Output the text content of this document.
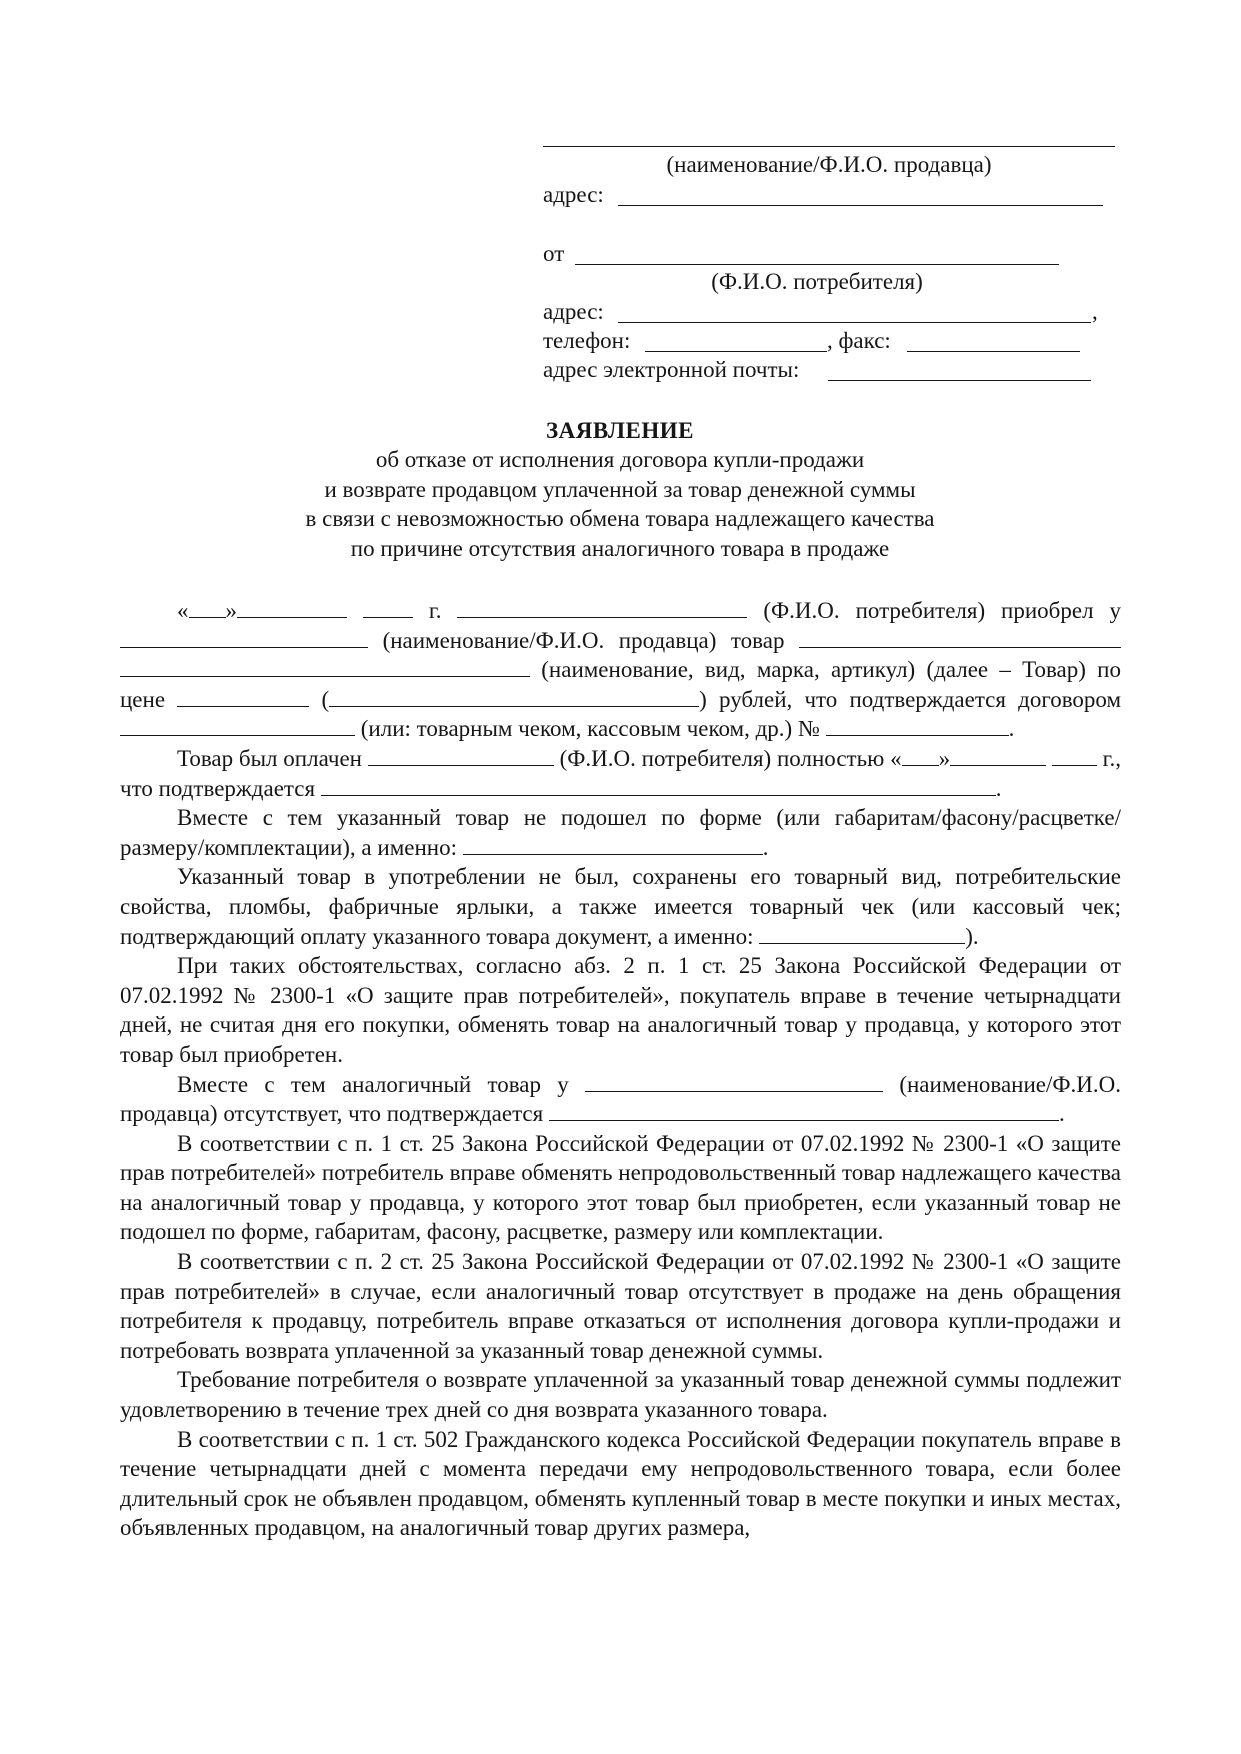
(наименование/Ф.И.О. продавца)
адрес:
от
(Ф.И.О. потребителя)
адрес:	,
телефон:	, факс:
адрес электронной почты:
ЗАЯВЛЕНИЕ
об отказе от исполнения договора купли-продажи
и возврате продавцом уплаченной за товар денежной суммы
в связи с невозможностью обмена товара надлежащего качества
по причине отсутствия аналогичного товара в продаже

« »	г.	(Ф.И.О. потребителя) приобрел у  (наименование/Ф.И.О. продавца) товар   (наименование, вид, марка, артикул) (далее – Товар) по цене	(	) рублей, что подтверждается договором  (или: товарным чеком, кассовым чеком, др.) №	.

Товар был оплачен	(Ф.И.О. потребителя) полностью « »	г., что подтверждается	.

Вместе с тем указанный товар не подошел по форме (или габаритам/фасону/расцветке/ размеру/комплектации), а именно:	.

Указанный товар в употреблении не был, сохранены его товарный вид, потребительские свойства, пломбы, фабричные ярлыки, а также имеется товарный чек (или кассовый чек; подтверждающий оплату указанного товара документ, а именно:	).

При таких обстоятельствах, согласно абз. 2 п. 1 ст. 25 Закона Российской Федерации от 07.02.1992 № 2300-1 «О защите прав потребителей», покупатель вправе в течение четырнадцати дней, не считая дня его покупки, обменять товар на аналогичный товар у продавца, у которого этот товар был приобретен.

Вместе с тем аналогичный товар у	(наименование/Ф.И.О. продавца) отсутствует, что подтверждается	.

В соответствии с п. 1 ст. 25 Закона Российской Федерации от 07.02.1992 № 2300-1 «О защите прав потребителей» потребитель вправе обменять непродовольственный товар надлежащего качества на аналогичный товар у продавца, у которого этот товар был приобретен, если указанный товар не подошел по форме, габаритам, фасону, расцветке, размеру или комплектации.

В соответствии с п. 2 ст. 25 Закона Российской Федерации от 07.02.1992 № 2300-1 «О защите прав потребителей» в случае, если аналогичный товар отсутствует в продаже на день обращения потребителя к продавцу, потребитель вправе отказаться от исполнения договора купли-продажи и потребовать возврата уплаченной за указанный товар денежной суммы.

Требование потребителя о возврате уплаченной за указанный товар денежной суммы подлежит удовлетворению в течение трех дней со дня возврата указанного товара.

В соответствии с п. 1 ст. 502 Гражданского кодекса Российской Федерации покупатель вправе в течение четырнадцати дней с момента передачи ему непродовольственного товара, если более длительный срок не объявлен продавцом, обменять купленный товар в месте покупки и иных местах, объявленных продавцом, на аналогичный товар других размера,
